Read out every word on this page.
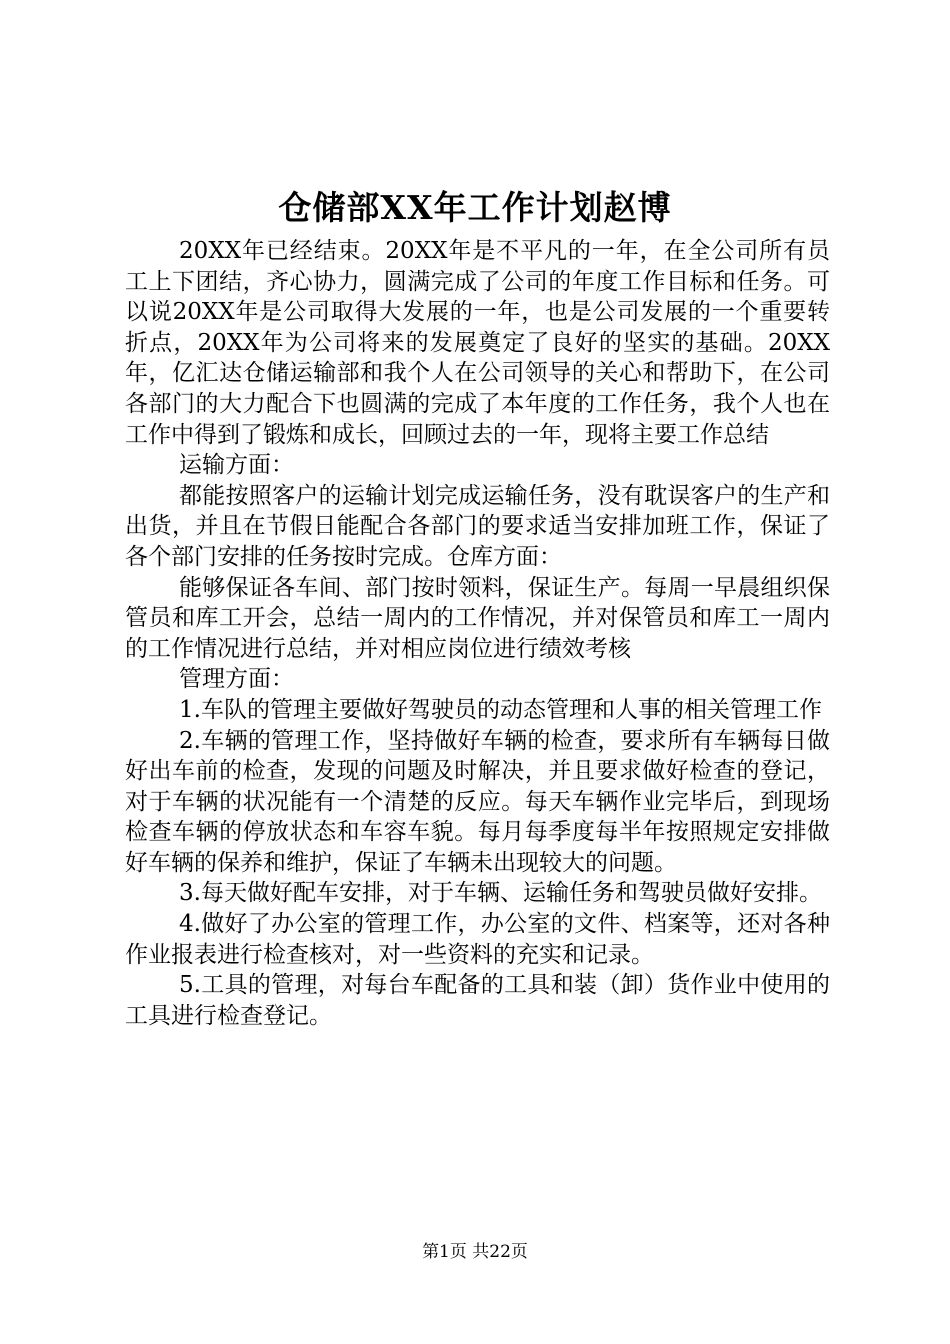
仓储部XX年工作计划赵博

20XX年已经结束。20XX年是不平凡的一年，在全公司所有员工上下团结，齐心协力，圆满完成了公司的年度工作目标和任务。可以说20XX年是公司取得大发展的一年，也是公司发展的一个重要转折点，20XX年为公司将来的发展奠定了良好的坚实的基础。20XX年，亿汇达仓储运输部和我个人在公司领导的关心和帮助下，在公司各部门的大力配合下也圆满的完成了本年度的工作任务，我个人也在工作中得到了锻炼和成长，回顾过去的一年，现将主要工作总结

运输方面：

都能按照客户的运输计划完成运输任务，没有耽误客户的生产和出货，并且在节假日能配合各部门的要求适当安排加班工作，保证了各个部门安排的任务按时完成。仓库方面：

能够保证各车间、部门按时领料，保证生产。每周一早晨组织保管员和库工开会，总结一周内的工作情况，并对保管员和库工一周内的工作情况进行总结，并对相应岗位进行绩效考核

管理方面：

1.车队的管理主要做好驾驶员的动态管理和人事的相关管理工作

2.车辆的管理工作，坚持做好车辆的检查，要求所有车辆每日做好出车前的检查，发现的问题及时解决，并且要求做好检查的登记，对于车辆的状况能有一个清楚的反应。每天车辆作业完毕后，到现场检查车辆的停放状态和车容车貌。每月每季度每半年按照规定安排做好车辆的保养和维护，保证了车辆未出现较大的问题。

3.每天做好配车安排，对于车辆、运输任务和驾驶员做好安排。

4.做好了办公室的管理工作，办公室的文件、档案等，还对各种作业报表进行检查核对，对一些资料的充实和记录。

5.工具的管理，对每台车配备的工具和装（卸）货作业中使用的工具进行检查登记。

第1页 共22页
